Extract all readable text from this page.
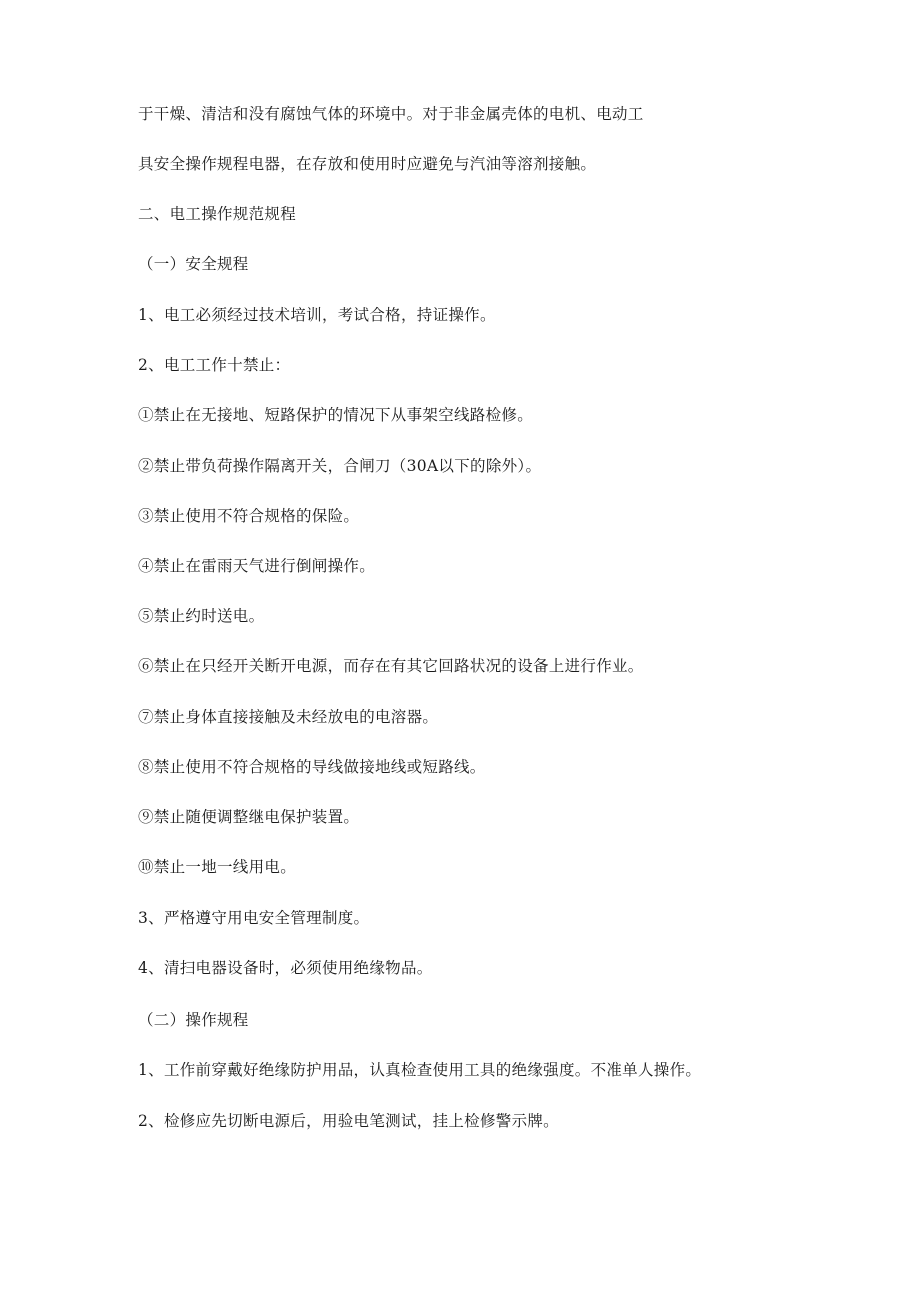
于干燥、清洁和没有腐蚀气体的环境中。对于非金属壳体的电机、电动工

具安全操作规程电器，在存放和使用时应避免与汽油等溶剂接触。

二、电工操作规范规程

（一）安全规程

1、电工必须经过技术培训，考试合格，持证操作。

2、电工工作十禁止：

①禁止在无接地、短路保护的情况下从事架空线路检修。

②禁止带负荷操作隔离开关，合闸刀（30A以下的除外）。

③禁止使用不符合规格的保险。

④禁止在雷雨天气进行倒闸操作。

⑤禁止约时送电。

⑥禁止在只经开关断开电源，而存在有其它回路状况的设备上进行作业。

⑦禁止身体直接接触及未经放电的电溶器。

⑧禁止使用不符合规格的导线做接地线或短路线。

⑨禁止随便调整继电保护装置。

⑩禁止一地一线用电。

3、严格遵守用电安全管理制度。

4、清扫电器设备时，必须使用绝缘物品。

（二）操作规程

1、工作前穿戴好绝缘防护用品，认真检查使用工具的绝缘强度。不准单人操作。

2、检修应先切断电源后，用验电笔测试，挂上检修警示牌。
